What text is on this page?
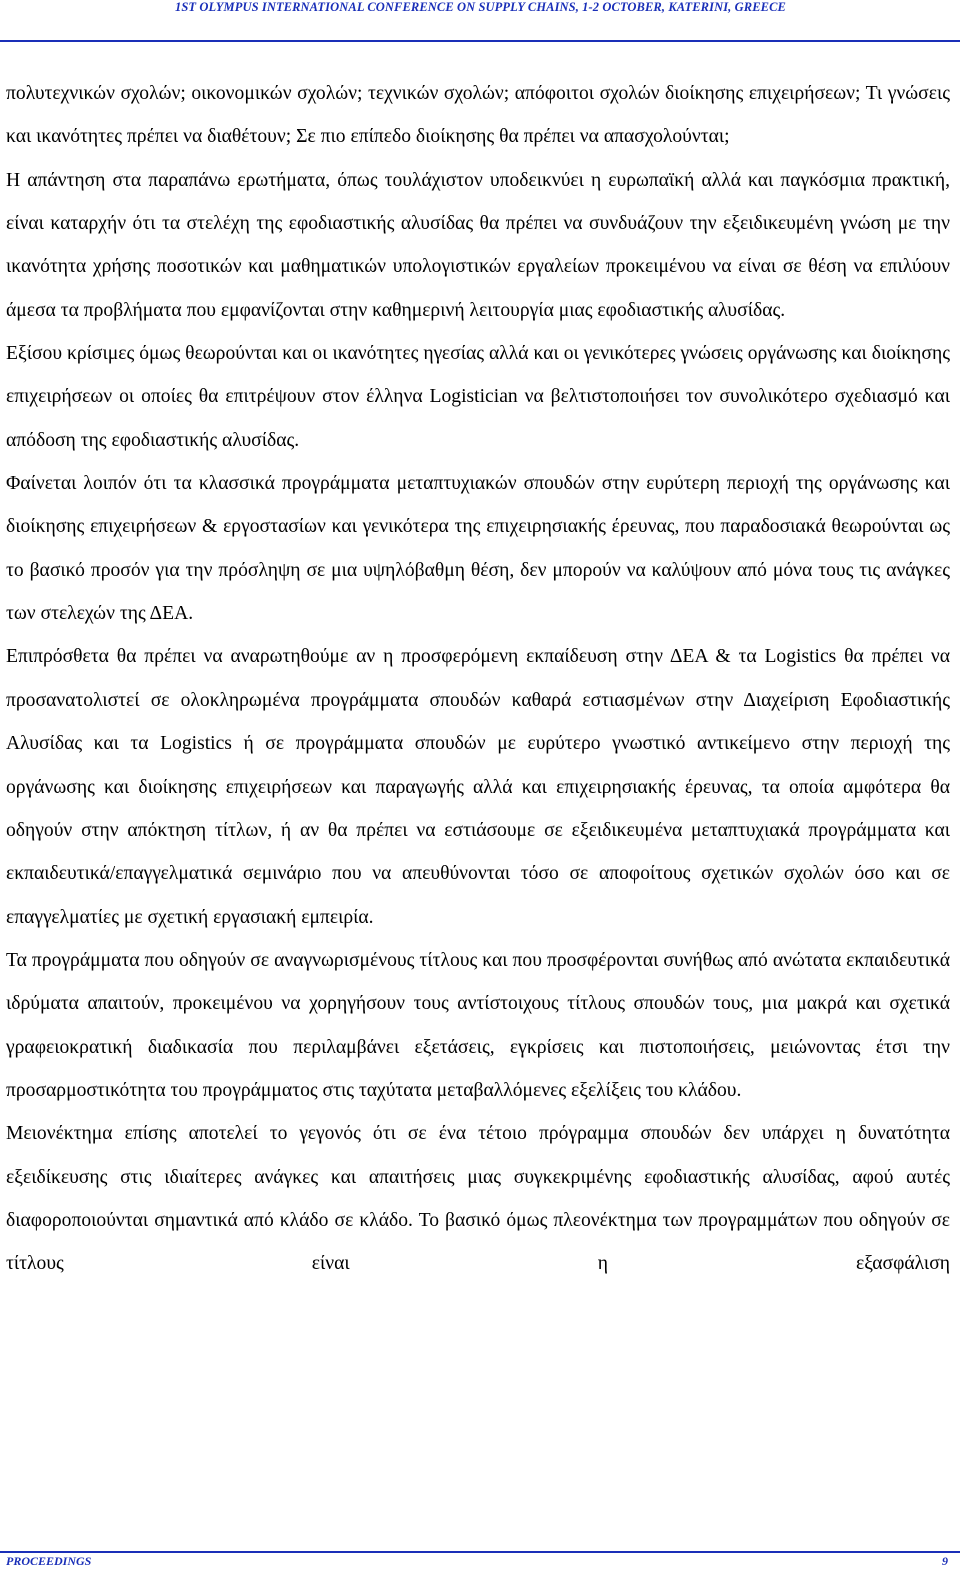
1ST OLYMPUS INTERNATIONAL CONFERENCE ON SUPPLY CHAINS, 1-2 OCTOBER, KATERINI, GREECE

πολυτεχνικών σχολών; οικονομικών σχολών; τεχνικών σχολών; απόφοιτοι σχολών διοίκησης επιχειρήσεων; Τι γνώσεις και ικανότητες πρέπει να διαθέτουν; Σε πιο επίπεδο διοίκησης θα πρέπει να απασχολούνται;

Η απάντηση στα παραπάνω ερωτήματα, όπως τουλάχιστον υποδεικνύει η ευρωπαϊκή αλλά και παγκόσμια πρακτική, είναι καταρχήν ότι τα στελέχη της εφοδιαστικής αλυσίδας θα πρέπει να συνδυάζουν την εξειδικευμένη γνώση με την ικανότητα χρήσης ποσοτικών και μαθηματικών υπολογιστικών εργαλείων προκειμένου να είναι σε θέση να επιλύουν άμεσα τα προβλήματα που εμφανίζονται στην καθημερινή λειτουργία μιας εφοδιαστικής αλυσίδας.

Εξίσου κρίσιμες όμως θεωρούνται και οι ικανότητες ηγεσίας αλλά και οι γενικότερες γνώσεις οργάνωσης και διοίκησης επιχειρήσεων οι οποίες θα επιτρέψουν στον έλληνα Logistician να βελτιστοποιήσει τον συνολικότερο σχεδιασμό και απόδοση της εφοδιαστικής αλυσίδας.

Φαίνεται λοιπόν ότι τα κλασσικά προγράμματα μεταπτυχιακών σπουδών στην ευρύτερη περιοχή της οργάνωσης και διοίκησης επιχειρήσεων & εργοστασίων και γενικότερα της επιχειρησιακής έρευνας, που παραδοσιακά θεωρούνται ως το βασικό προσόν για την πρόσληψη σε μια υψηλόβαθμη θέση, δεν μπορούν να καλύψουν από μόνα τους τις ανάγκες των στελεχών της ΔΕΑ.

Επιπρόσθετα θα πρέπει να αναρωτηθούμε αν η προσφερόμενη εκπαίδευση στην ΔΕΑ & τα Logistics θα πρέπει να προσανατολιστεί σε ολοκληρωμένα προγράμματα σπουδών καθαρά εστιασμένων στην Διαχείριση Εφοδιαστικής Αλυσίδας και τα Logistics ή σε προγράμματα σπουδών με ευρύτερο γνωστικό αντικείμενο στην περιοχή της οργάνωσης και διοίκησης επιχειρήσεων και παραγωγής αλλά και επιχειρησιακής έρευνας, τα οποία αμφότερα θα οδηγούν στην απόκτηση τίτλων, ή αν θα πρέπει να εστιάσουμε σε εξειδικευμένα μεταπτυχιακά προγράμματα και εκπαιδευτικά/επαγγελματικά σεμινάριο που να απευθύνονται τόσο σε αποφοίτους σχετικών σχολών όσο και σε επαγγελματίες με σχετική εργασιακή εμπειρία.

Τα προγράμματα που οδηγούν σε αναγνωρισμένους τίτλους και που προσφέρονται συνήθως από ανώτατα εκπαιδευτικά ιδρύματα απαιτούν, προκειμένου να χορηγήσουν τους αντίστοιχους τίτλους σπουδών τους, μια μακρά και σχετικά γραφειοκρατική διαδικασία που περιλαμβάνει εξετάσεις, εγκρίσεις και πιστοποιήσεις, μειώνοντας έτσι την προσαρμοστικότητα του προγράμματος στις ταχύτατα μεταβαλλόμενες εξελίξεις του κλάδου.

Μειονέκτημα επίσης αποτελεί το γεγονός ότι σε ένα τέτοιο πρόγραμμα σπουδών δεν υπάρχει η δυνατότητα εξειδίκευσης στις ιδιαίτερες ανάγκες και απαιτήσεις μιας συγκεκριμένης εφοδιαστικής αλυσίδας, αφού αυτές διαφοροποιούνται σημαντικά από κλάδο σε κλάδο. Το βασικό όμως πλεονέκτημα των προγραμμάτων που οδηγούν σε τίτλους είναι η εξασφάλιση

PROCEEDINGS	9
